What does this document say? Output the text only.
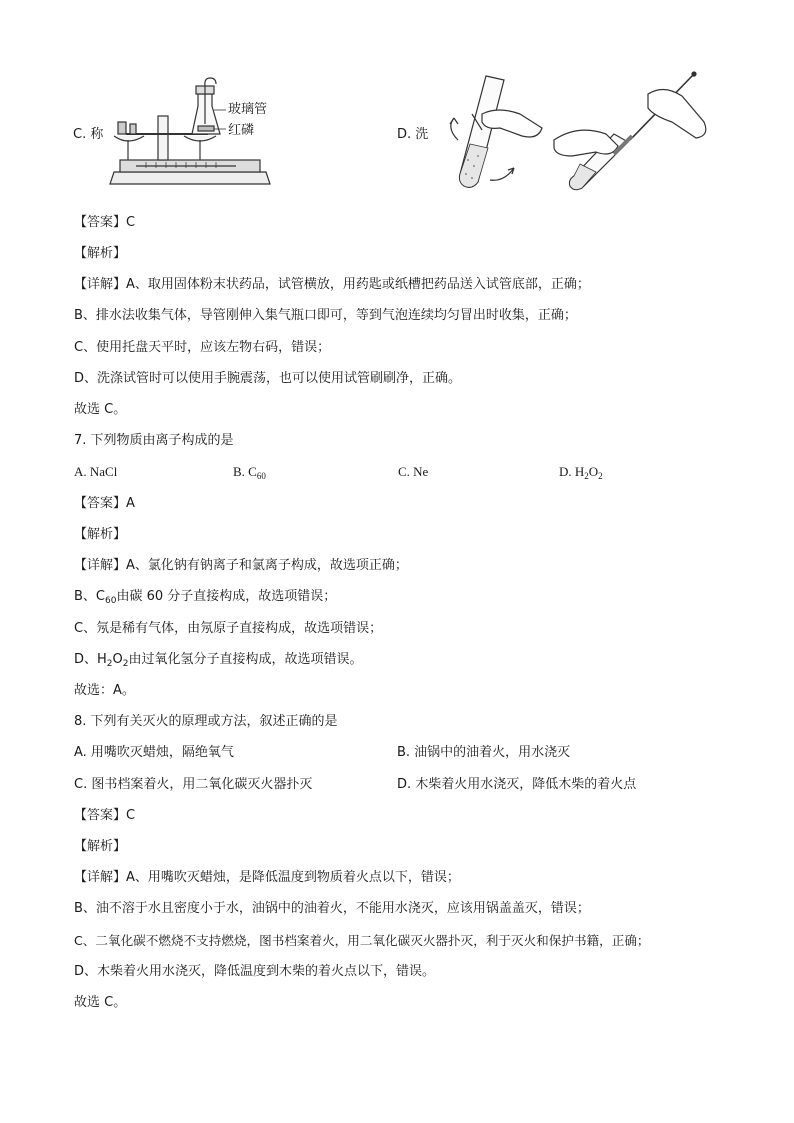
C. 称
玻璃管
红磷	D. 洗
【答案】C
【解析】
【详解】A、取用固体粉末状药品，试管横放，用药匙或纸槽把药品送入试管底部，正确；
B、排水法收集气体，导管刚伸入集气瓶口即可，等到气泡连续均匀冒出时收集，正确；
C、使用托盘天平时，应该左物右码，错误；
D、洗涤试管时可以使用手腕震荡，也可以使用试管刷刷净，正确。
故选 C。
7. 下列物质由离子构成的是
A. NaCl	B. $C_{60}$	C. Ne	D. $H_2O_2$
【答案】A
【解析】
【详解】A、氯化钠有钠离子和氯离子构成，故选项正确；
B、$C_{60}$由碳 60 分子直接构成，故选项错误；
C、氖是稀有气体，由氖原子直接构成，故选项错误；
D、$H_2O_2$由过氧化氢分子直接构成，故选项错误。
故选：A。
8. 下列有关灭火的原理或方法，叙述正确的是
A. 用嘴吹灭蜡烛，隔绝氧气	B. 油锅中的油着火，用水浇灭
C. 图书档案着火，用二氧化碳灭火器扑灭	D. 木柴着火用水浇灭，降低木柴的着火点
【答案】C
【解析】
【详解】A、用嘴吹灭蜡烛，是降低温度到物质着火点以下，错误；
B、油不溶于水且密度小于水，油锅中的油着火，不能用水浇灭，应该用锅盖盖灭，错误；
C、二氧化碳不燃烧不支持燃烧，图书档案着火，用二氧化碳灭火器扑灭，利于灭火和保护书籍，正确；
D、木柴着火用水浇灭，降低温度到木柴的着火点以下，错误。
故选 C。
